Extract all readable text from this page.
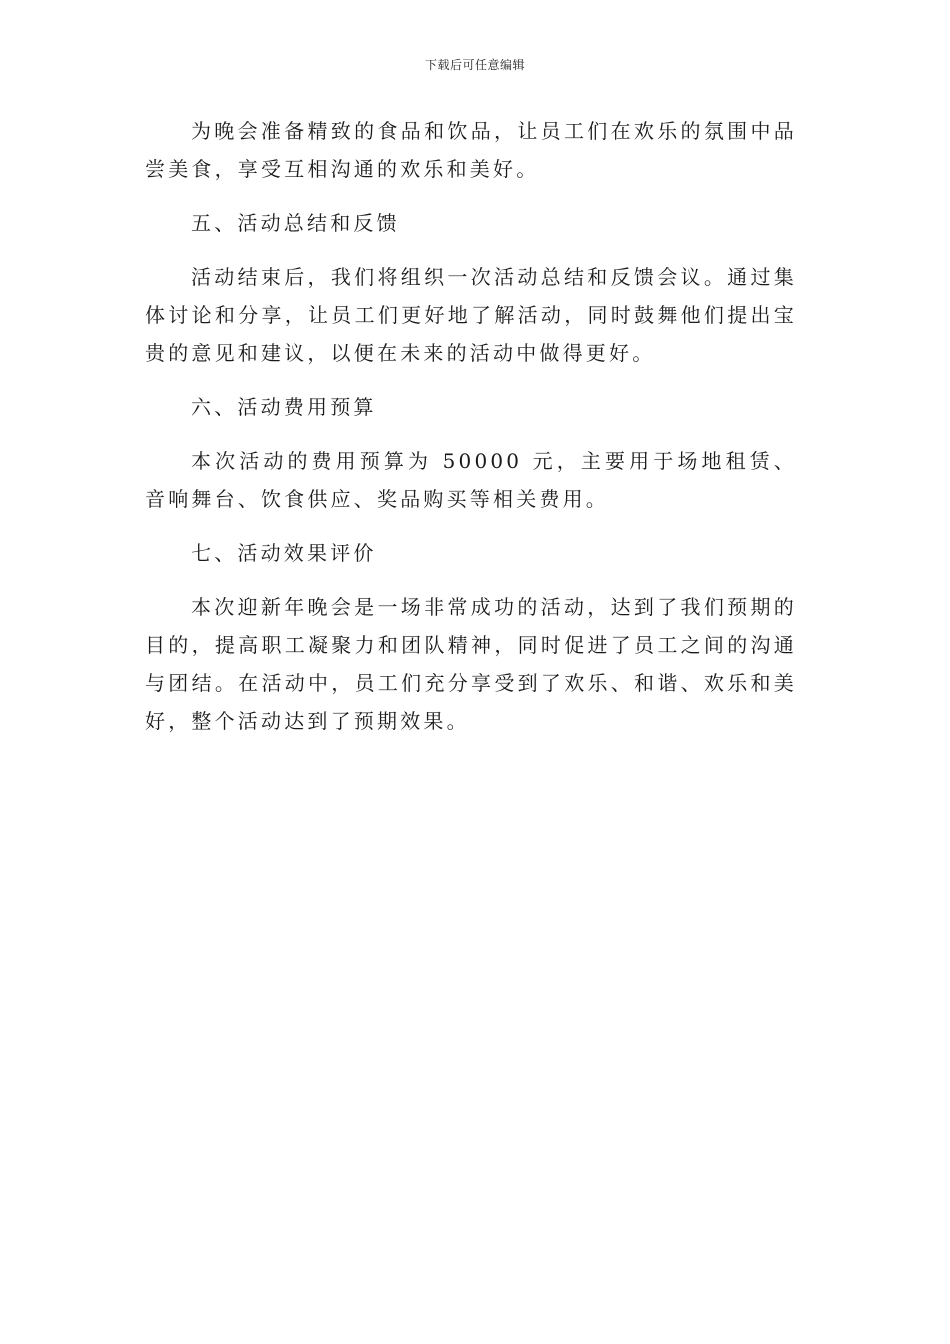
下载后可任意编辑

为晚会准备精致的食品和饮品，让员工们在欢乐的氛围中品尝美食，享受互相沟通的欢乐和美好。

五、活动总结和反馈

活动结束后，我们将组织一次活动总结和反馈会议。通过集体讨论和分享，让员工们更好地了解活动，同时鼓舞他们提出宝贵的意见和建议，以便在未来的活动中做得更好。

六、活动费用预算

本次活动的费用预算为 50000 元，主要用于场地租赁、音响舞台、饮食供应、奖品购买等相关费用。

七、活动效果评价

本次迎新年晚会是一场非常成功的活动，达到了我们预期的目的，提高职工凝聚力和团队精神，同时促进了员工之间的沟通与团结。在活动中，员工们充分享受到了欢乐、和谐、欢乐和美好，整个活动达到了预期效果。
